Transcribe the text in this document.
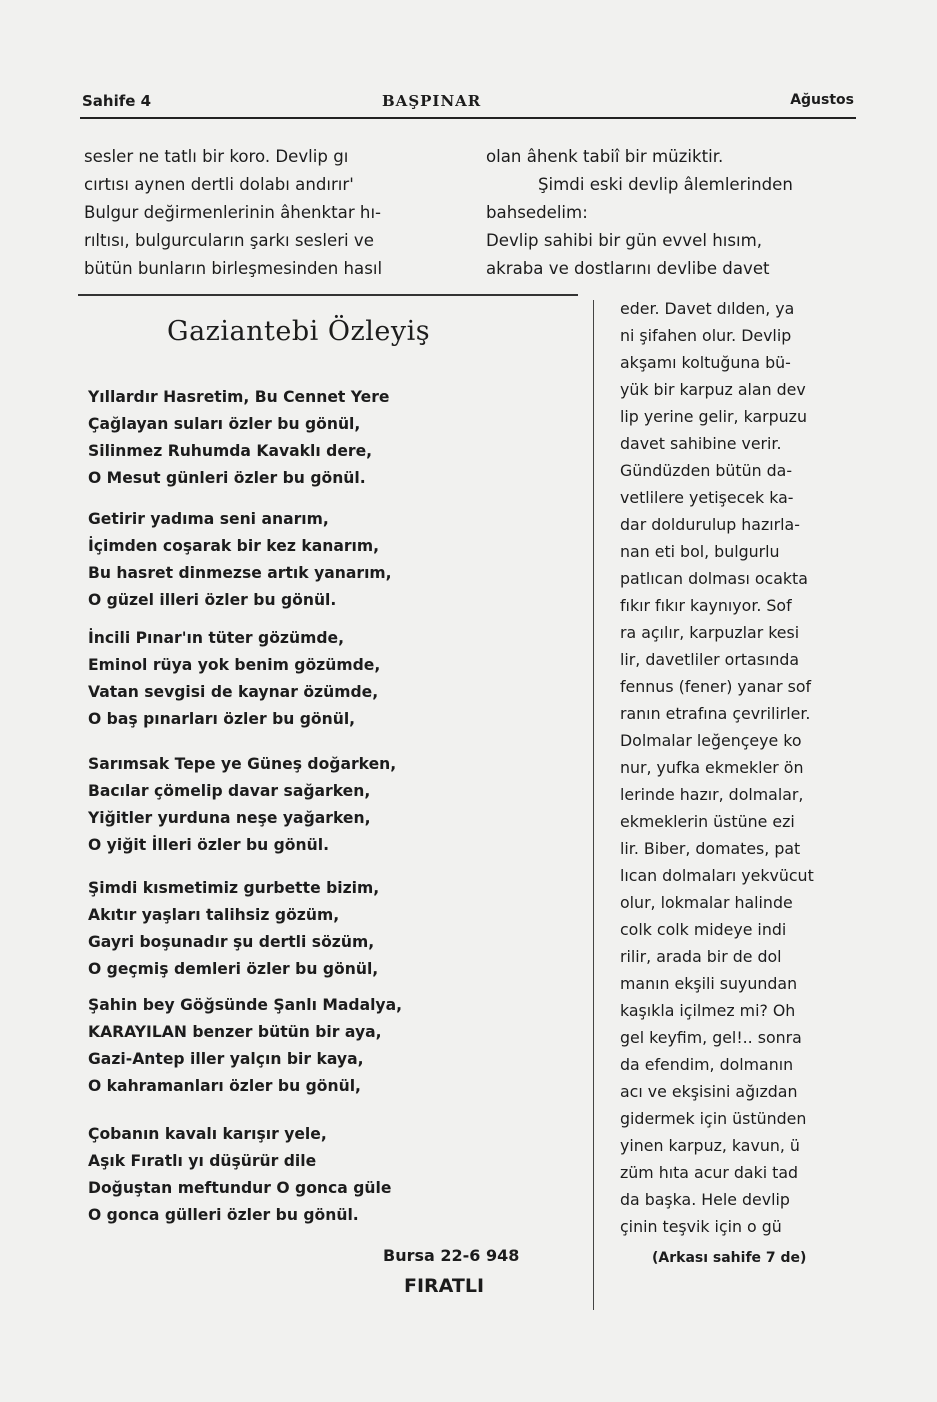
Sahife 4	BAŞPINAR	Ağustos
sesler ne tatlı bir koro. Devlip gı
cırtısı aynen dertli dolabı andırır'
Bulgur değirmenlerinin âhenktar hı-
rıltısı, bulgurcuların şarkı sesleri ve
bütün bunların birleşmesinden hasıl
olan âhenk tabiî bir müziktir.
Şimdi eski devlip âlemlerinden
bahsedelim:
Devlip sahibi bir gün evvel hısım,
akraba ve dostlarını devlibe davet
Gaziantebi Özleyiş
Yıllardır Hasretim, Bu Cennet Yere
Çağlayan suları özler bu gönül,
Silinmez Ruhumda Kavaklı dere,
O Mesut günleri özler bu gönül.
Getirir yadıma seni anarım,
İçimden coşarak bir kez kanarım,
Bu hasret dinmezse artık yanarım,
O güzel illeri özler bu gönül.
İncili Pınar'ın tüter gözümde,
Eminol rüya yok benim gözümde,
Vatan sevgisi de kaynar özümde,
O baş pınarları özler bu gönül,
Sarımsak Tepe ye Güneş doğarken,
Bacılar çömelip davar sağarken,
Yiğitler yurduna neşe yağarken,
O yiğit İlleri özler bu gönül.
Şimdi kısmetimiz gurbette bizim,
Akıtır yaşları talihsiz gözüm,
Gayri boşunadır şu dertli sözüm,
O geçmiş demleri özler bu gönül,
Şahin bey Göğsünde Şanlı Madalya,
KARAYILAN benzer bütün bir aya,
Gazi-Antep iller yalçın bir kaya,
O kahramanları özler bu gönül,
Çobanın kavalı karışır yele,
Aşık Fıratlı yı düşürür dile
Doğuştan meftundur O gonca güle
O gonca gülleri özler bu gönül.
Bursa 22-6 948
FIRATLI
eder. Davet dılden, ya
ni şifahen olur. Devlip
akşamı koltuğuna bü-
yük bir karpuz alan dev
lip yerine gelir, karpuzu
davet sahibine verir.
Gündüzden bütün da-
vetlilere yetişecek ka-
dar doldurulup hazırla-
nan eti bol, bulgurlu
patlıcan dolması ocakta
fıkır fıkır kaynıyor. Sof
ra açılır, karpuzlar kesi
lir, davetliler ortasında
fennus (fener) yanar sof
ranın etrafına çevrilirler.
Dolmalar leğençeye ko
nur, yufka ekmekler ön
lerinde hazır, dolmalar,
ekmeklerin üstüne ezi
lir. Biber, domates, pat
lıcan dolmaları yekvücut
olur, lokmalar halinde
colk colk mideye indi
rilir, arada bir de dol
manın ekşili suyundan
kaşıkla içilmez mi? Oh
gel keyfim, gel!.. sonra
da efendim, dolmanın
acı ve ekşisini ağızdan
gidermek için üstünden
yinen karpuz, kavun, ü
züm hıta acur daki tad
da başka. Hele devlip
çinin teşvik için o gü
(Arkası sahife 7 de)
